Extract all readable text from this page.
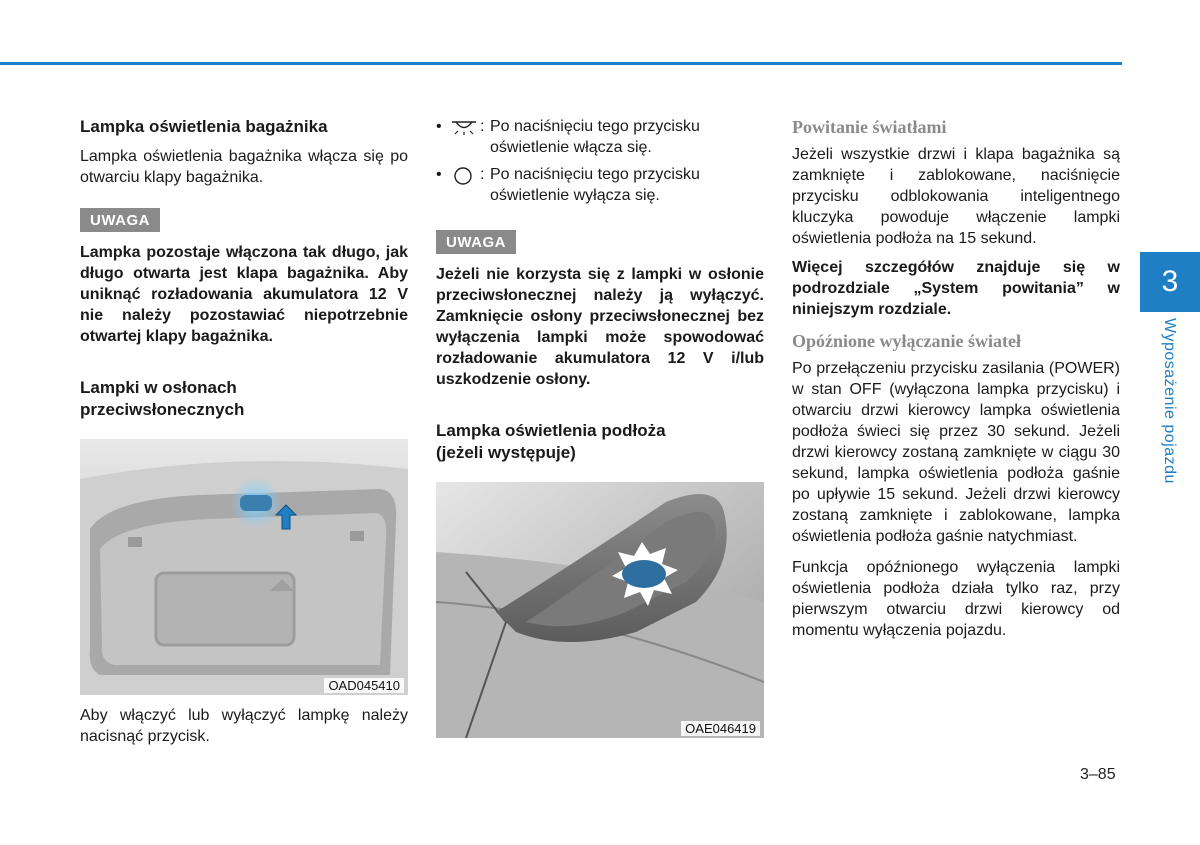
Lampka oświetlenia bagażnika

Lampka oświetlenia bagażnika włącza się po otwarciu klapy bagażnika.

UWAGA

Lampka pozostaje włączona tak długo, jak długo otwarta jest klapa bagażnika. Aby uniknąć rozładowania akumulatora 12 V nie należy pozostawiać niepotrzebnie otwartej klapy bagażnika.

Lampki w osłonach
przeciwsłonecznych
OAD045410

Aby włączyć lub wyłączyć lampkę należy nacisnąć przycisk.

•	: Po naciśnięciu tego przycisku oświetlenie włącza się.
•	: Po naciśnięciu tego przycisku oświetlenie wyłącza się.
UWAGA

Jeżeli nie korzysta się z lampki w osłonie przeciwsłonecznej należy ją wyłączyć. Zamknięcie osłony przeciwsłonecznej bez wyłączenia lampki może spowodować rozładowanie akumulatora 12 V i/lub uszkodzenie osłony.

Lampka oświetlenia podłoża
(jeżeli występuje)
OAE046419
Powitanie światłami

Jeżeli wszystkie drzwi i klapa bagażnika są zamknięte i zablokowane, naciśnięcie przycisku odblokowania inteligentnego kluczyka powoduje włączenie lampki oświetlenia podłoża na 15 sekund.

Więcej szczegółów znajduje się w podrozdziale „System powitania” w niniejszym rozdziale.

Opóźnione wyłączanie świateł

Po przełączeniu przycisku zasilania (POWER) w stan OFF (wyłączona lampka przycisku) i otwarciu drzwi kierowcy lampka oświetlenia podłoża świeci się przez 30 sekund. Jeżeli drzwi kierowcy zostaną zamknięte w ciągu 30 sekund, lampka oświetlenia podłoża gaśnie po upływie 15 sekund. Jeżeli drzwi kierowcy zostaną zamknięte i zablokowane, lampka oświetlenia podłoża gaśnie natychmiast.

Funkcja opóźnionego wyłączenia lampki oświetlenia podłoża działa tylko raz, przy pierwszym otwarciu drzwi kierowcy od momentu wyłączenia pojazdu.

3
Wyposażenie pojazdu
3–85
